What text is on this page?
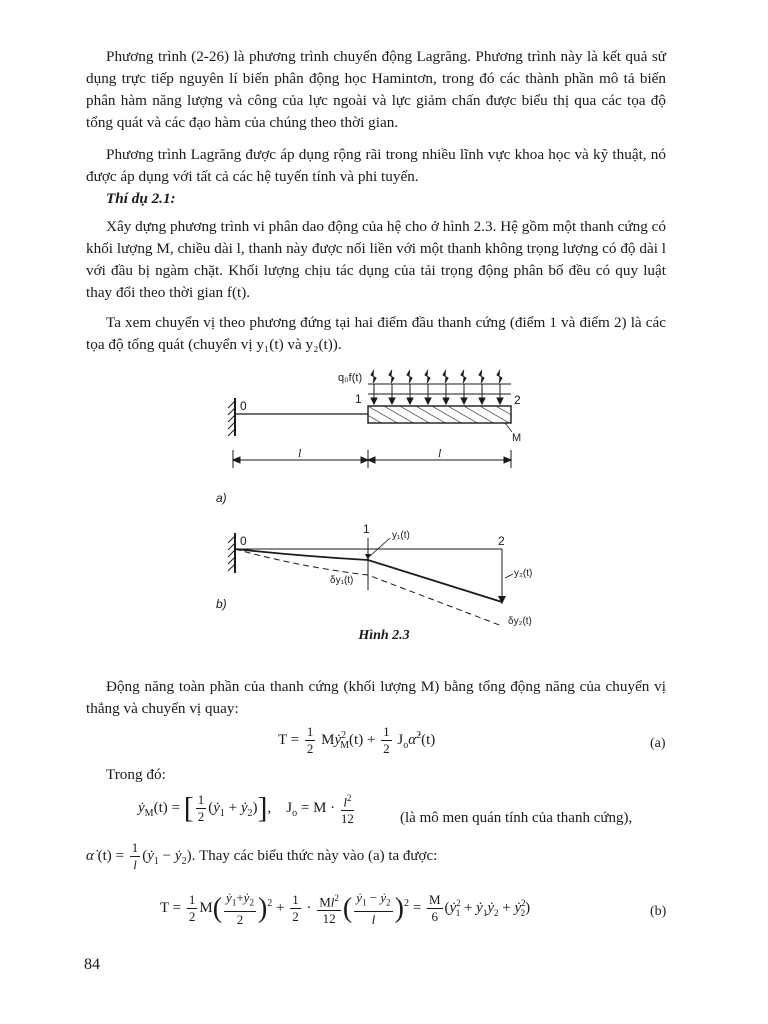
Phương trình (2-26) là phương trình chuyển động Lagrăng. Phương trình này là kết quả sử dụng trực tiếp nguyên lí biến phân động học Hamintơn, trong đó các thành phần mô tả biến phân hàm năng lượng và công của lực ngoài và lực giảm chấn được biểu thị qua các tọa độ tổng quát và các đạo hàm của chúng theo thời gian.

Phương trình Lagrăng được áp dụng rộng rãi trong nhiều lĩnh vực khoa học và kỹ thuật, nó được áp dụng với tất cả các hệ tuyến tính và phi tuyến.

Thí dụ 2.1:

Xây dựng phương trình vi phân dao động của hệ cho ở hình 2.3. Hệ gồm một thanh cứng có khối lượng M, chiều dài l, thanh này được nối liền với một thanh không trọng lượng có độ dài l với đầu bị ngàm chặt. Khối lượng chịu tác dụng của tải trọng động phân bố đều có quy luật thay đổi theo thời gian f(t).

Ta xem chuyển vị theo phương đứng tại hai điểm đầu thanh cứng (điểm 1 và điểm 2) là các tọa độ tổng quát (chuyển vị y₁(t) và y₂(t)).

q₀f(t)
0	1	2
M
l	l
a)
0
1
2
y₁(t)
y₂(t)
δy₁(t)
δy₂(t)
b)
Hình 2.3

Động năng toàn phần của thanh cứng (khối lượng M) bằng tổng động năng của chuyển vị thẳng và chuyển vị quay:

$T = \frac{1}{2}$ Mẏ$^2_M$(t) + $\frac{1}{2}$ $J_o\alphȧ^2(t)$	(a)
Trong đó:
ẏ$_M$(t) = [ $\frac{1}{2}$ (ẏ$_1$ + ẏ$_2$)],    $J_o = M \cdot \frac{l^2}{12}$	(là mô men quán tính của thanh cứng),
α̇ $(t) = \frac{1}{l}$ (ẏ$_1$ − ẏ$_2$). Thay các biểu thức này vào (a) ta được:
$T = \frac{1}{2} M( \frac{ẏ_1+ẏ_2}{2} )^2 + \frac{1}{2} \cdot \frac{Ml^2}{12}$ ( $\frac{ẏ_1 - ẏ_2}{l} )^2 = \frac{M}{6}$ (ẏ$^2_1$ + ẏ$_1$ẏ$_2$ + ẏ$^2_2$)	(b)
84
